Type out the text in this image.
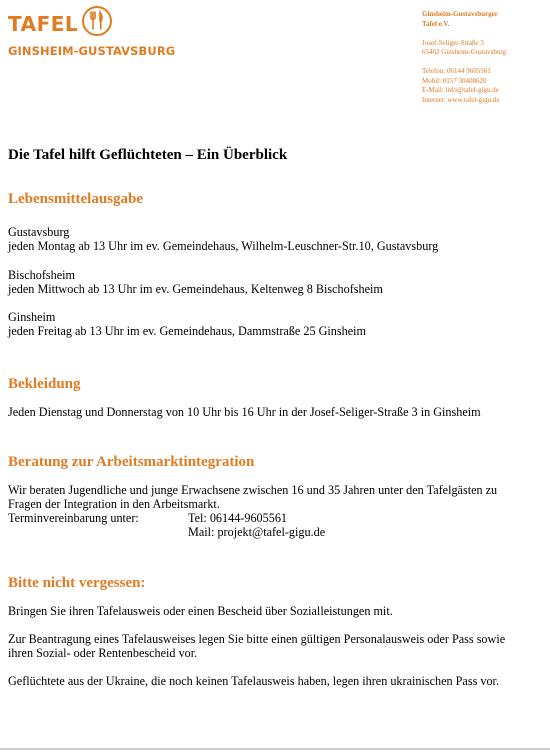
TAFEL
GINSHEIM-GUSTAVSBURG
Ginsheim-Gustavsburger
Tafel e.V.
Josef-Seliger-Straße 3
65462 Ginsheim-Gustavsburg
Telefon: 06144 9605561
Mobil: 0157 30408620
E-Mail: info@tafel-gigu.de
Internet: www.tafel-gigu.de
Die Tafel hilft Geflüchteten – Ein Überblick
Lebensmittelausgabe

Gustavsburg

jeden Montag ab 13 Uhr im ev. Gemeindehaus, Wilhelm-Leuschner-Str.10, Gustavsburg

Bischofsheim

jeden Mittwoch ab 13 Uhr im ev. Gemeindehaus, Keltenweg 8 Bischofsheim

Ginsheim

jeden Freitag ab 13 Uhr im ev. Gemeindehaus, Dammstraße 25 Ginsheim

Bekleidung

Jeden Dienstag und Donnerstag von 10 Uhr bis 16 Uhr in der Josef-Seliger-Straße 3 in Ginsheim

Beratung zur Arbeitsmarktintegration

Wir beraten Jugendliche und junge Erwachsene zwischen 16 und 35 Jahren unter den Tafelgästen zu Fragen der Integration in den Arbeitsmarkt.

Terminvereinbarung unter:	Tel: 06144-9605561
Mail: projekt@tafel-gigu.de
Bitte nicht vergessen:

Bringen Sie ihren Tafelausweis oder einen Bescheid über Sozialleistungen mit.

Zur Beantragung eines Tafelausweises legen Sie bitte einen gültigen Personalausweis oder Pass sowie ihren Sozial- oder Rentenbescheid vor.

Geflüchtete aus der Ukraine, die noch keinen Tafelausweis haben, legen ihren ukrainischen Pass vor.
